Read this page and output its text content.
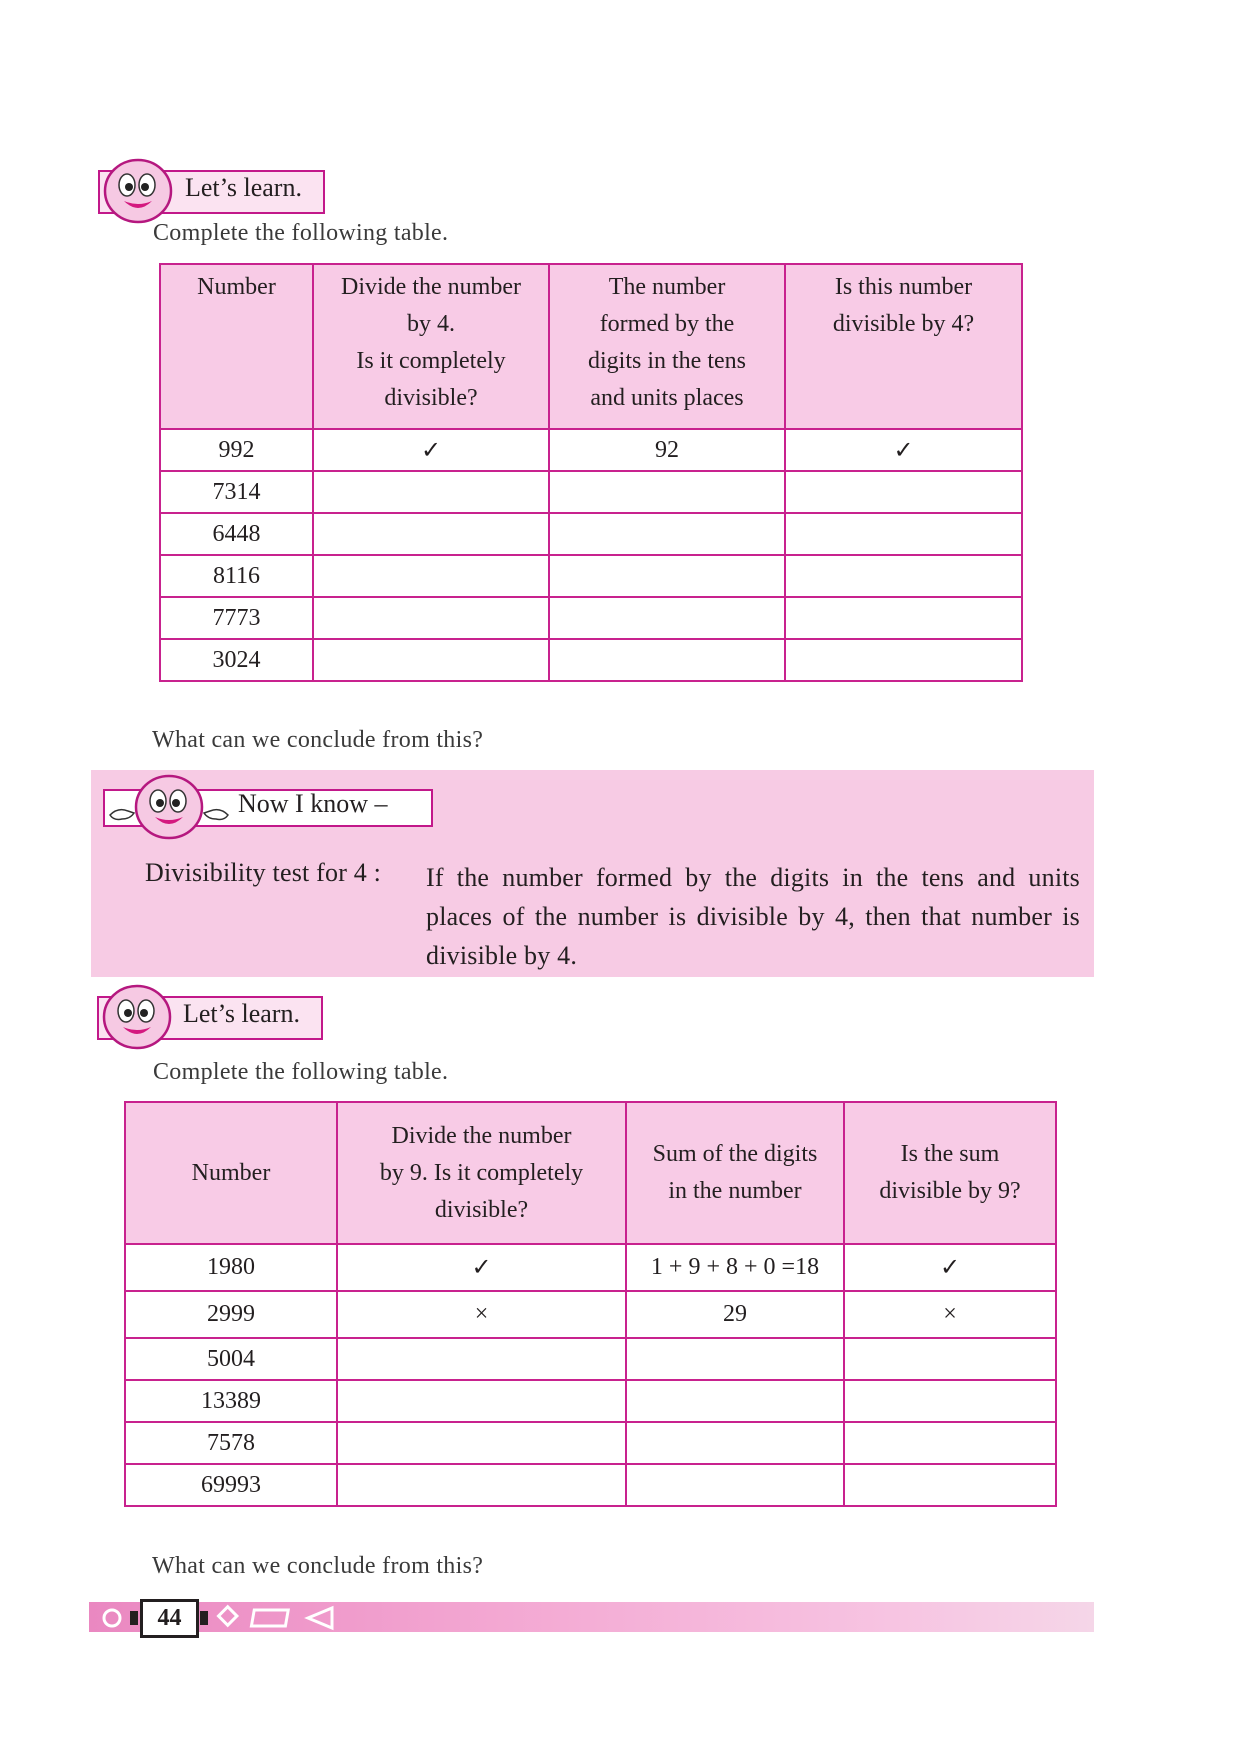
Let’s learn.
Complete the following table.
Number	Divide the number
by 4.
Is it completely
divisible?	The number
formed by the
digits in the tens
and units places	Is this number
divisible by 4?

992	✓	92	✓
7314			
6448			
8116			
7773			
3024			
What can we conclude from this?
Now I know –
Divisibility test for 4 : If the number formed by the digits in the tens and units places of the number is divisible by 4, then that number is divisible by 4.
Let’s learn.
Complete the following table.
Number	Divide the number
by 9. Is it completely
divisible?	Sum of the digits
in the number	Is the sum
divisible by 9?

1980	✓	1 + 9 + 8 + 0 =18	✓
2999	×	29	×
5004			
13389			
7578			
69993			
What can we conclude from this?
44
